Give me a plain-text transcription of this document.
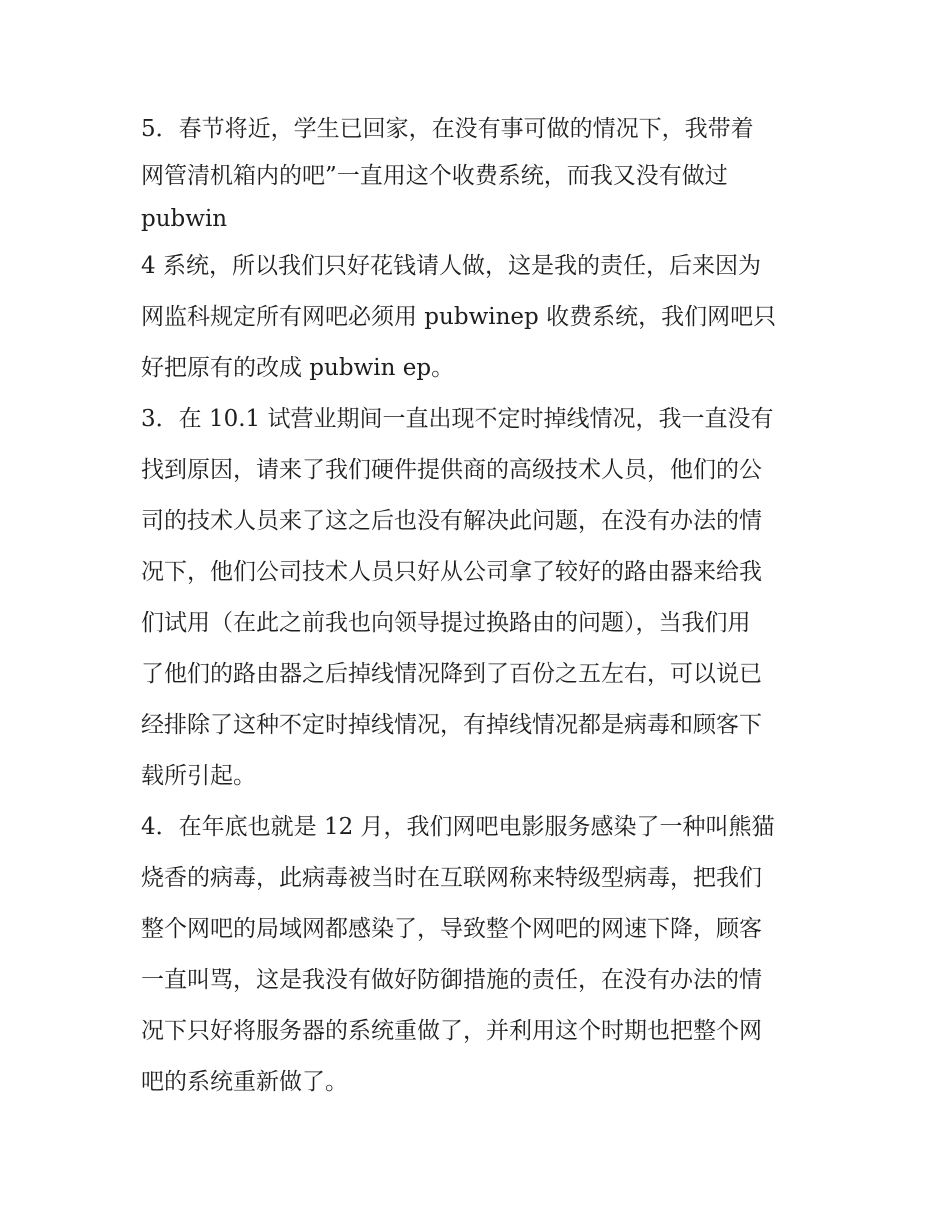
5．春节将近，学生已回家，在没有事可做的情况下，我带着
网管清机箱内的吧”一直用这个收费系统，而我又没有做过
pubwin
4 系统，所以我们只好花钱请人做，这是我的责任，后来因为
网监科规定所有网吧必须用 pubwinep 收费系统，我们网吧只
好把原有的改成 pubwin ep。
3．在 10.1 试营业期间一直出现不定时掉线情况，我一直没有
找到原因，请来了我们硬件提供商的高级技术人员，他们的公
司的技术人员来了这之后也没有解决此问题，在没有办法的情
况下，他们公司技术人员只好从公司拿了较好的路由器来给我
们试用（在此之前我也向领导提过换路由的问题），当我们用
了他们的路由器之后掉线情况降到了百份之五左右，可以说已
经排除了这种不定时掉线情况，有掉线情况都是病毒和顾客下
载所引起。
4．在年底也就是 12 月，我们网吧电影服务感染了一种叫熊猫
烧香的病毒，此病毒被当时在互联网称来特级型病毒，把我们
整个网吧的局域网都感染了，导致整个网吧的网速下降，顾客
一直叫骂，这是我没有做好防御措施的责任，在没有办法的情
况下只好将服务器的系统重做了，并利用这个时期也把整个网
吧的系统重新做了。
